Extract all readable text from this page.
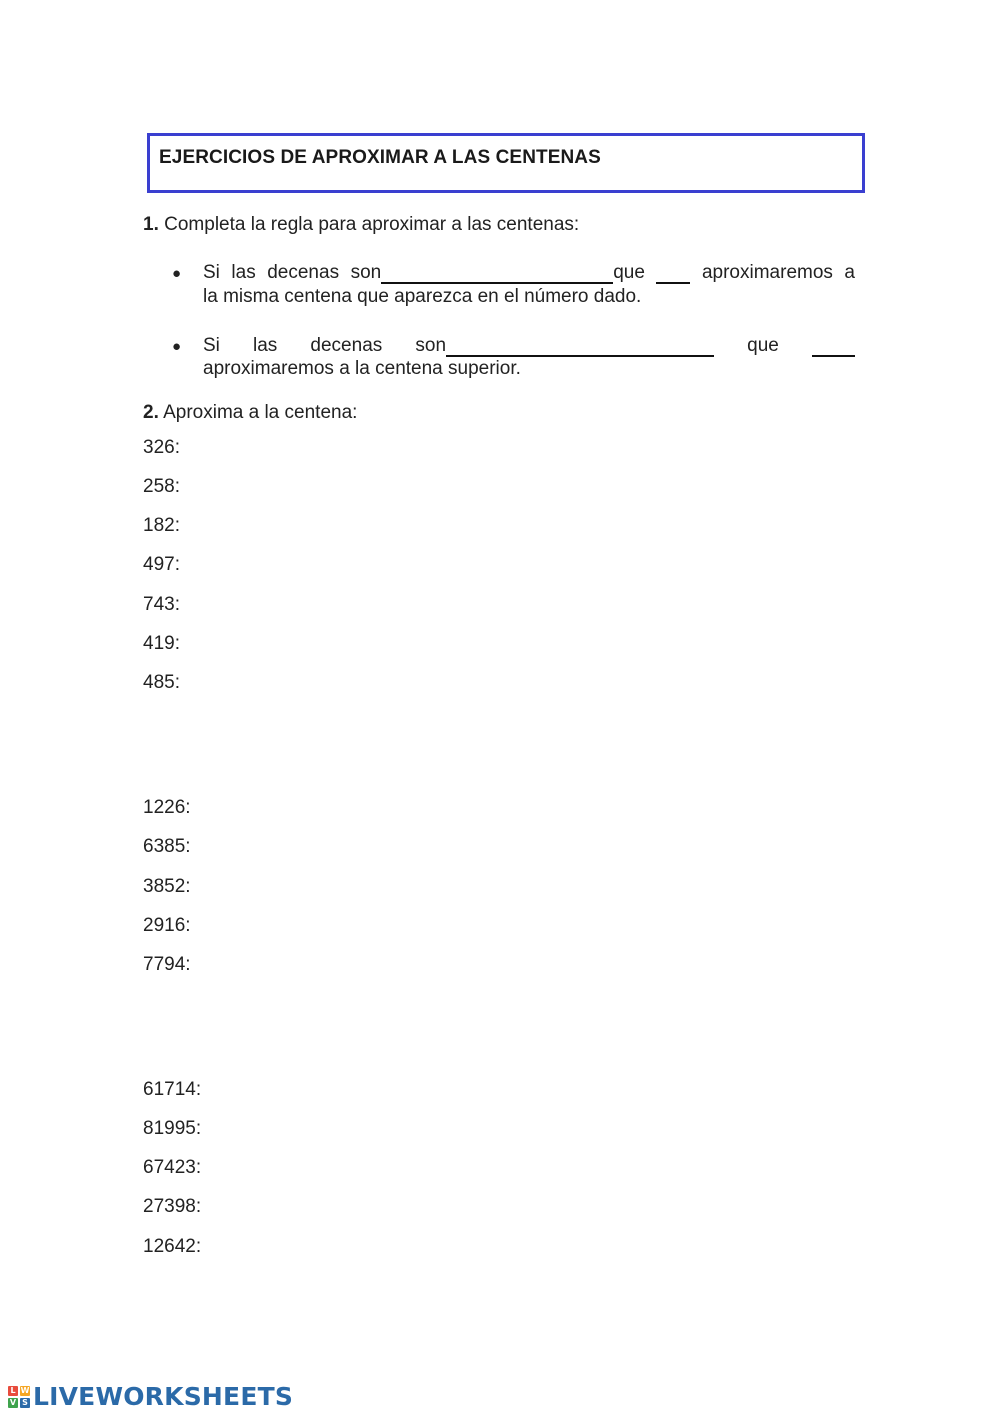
EJERCICIOS DE APROXIMAR A LAS CENTENAS
1. Completa la regla para aproximar a las centenas:
● Si las decenas son	que	aproximaremos a
la misma centena que aparezca en el número dado.
● Si las decenas son	que
aproximaremos a la centena superior.
2. Aproxima a la centena:
326:
258:
182:
497:
743:
419:
485:
1226:
6385:
3852:
2916:
7794:
61714:
81995:
67423:
27398:
12642:
L W
V S LIVEWORKSHEETS
